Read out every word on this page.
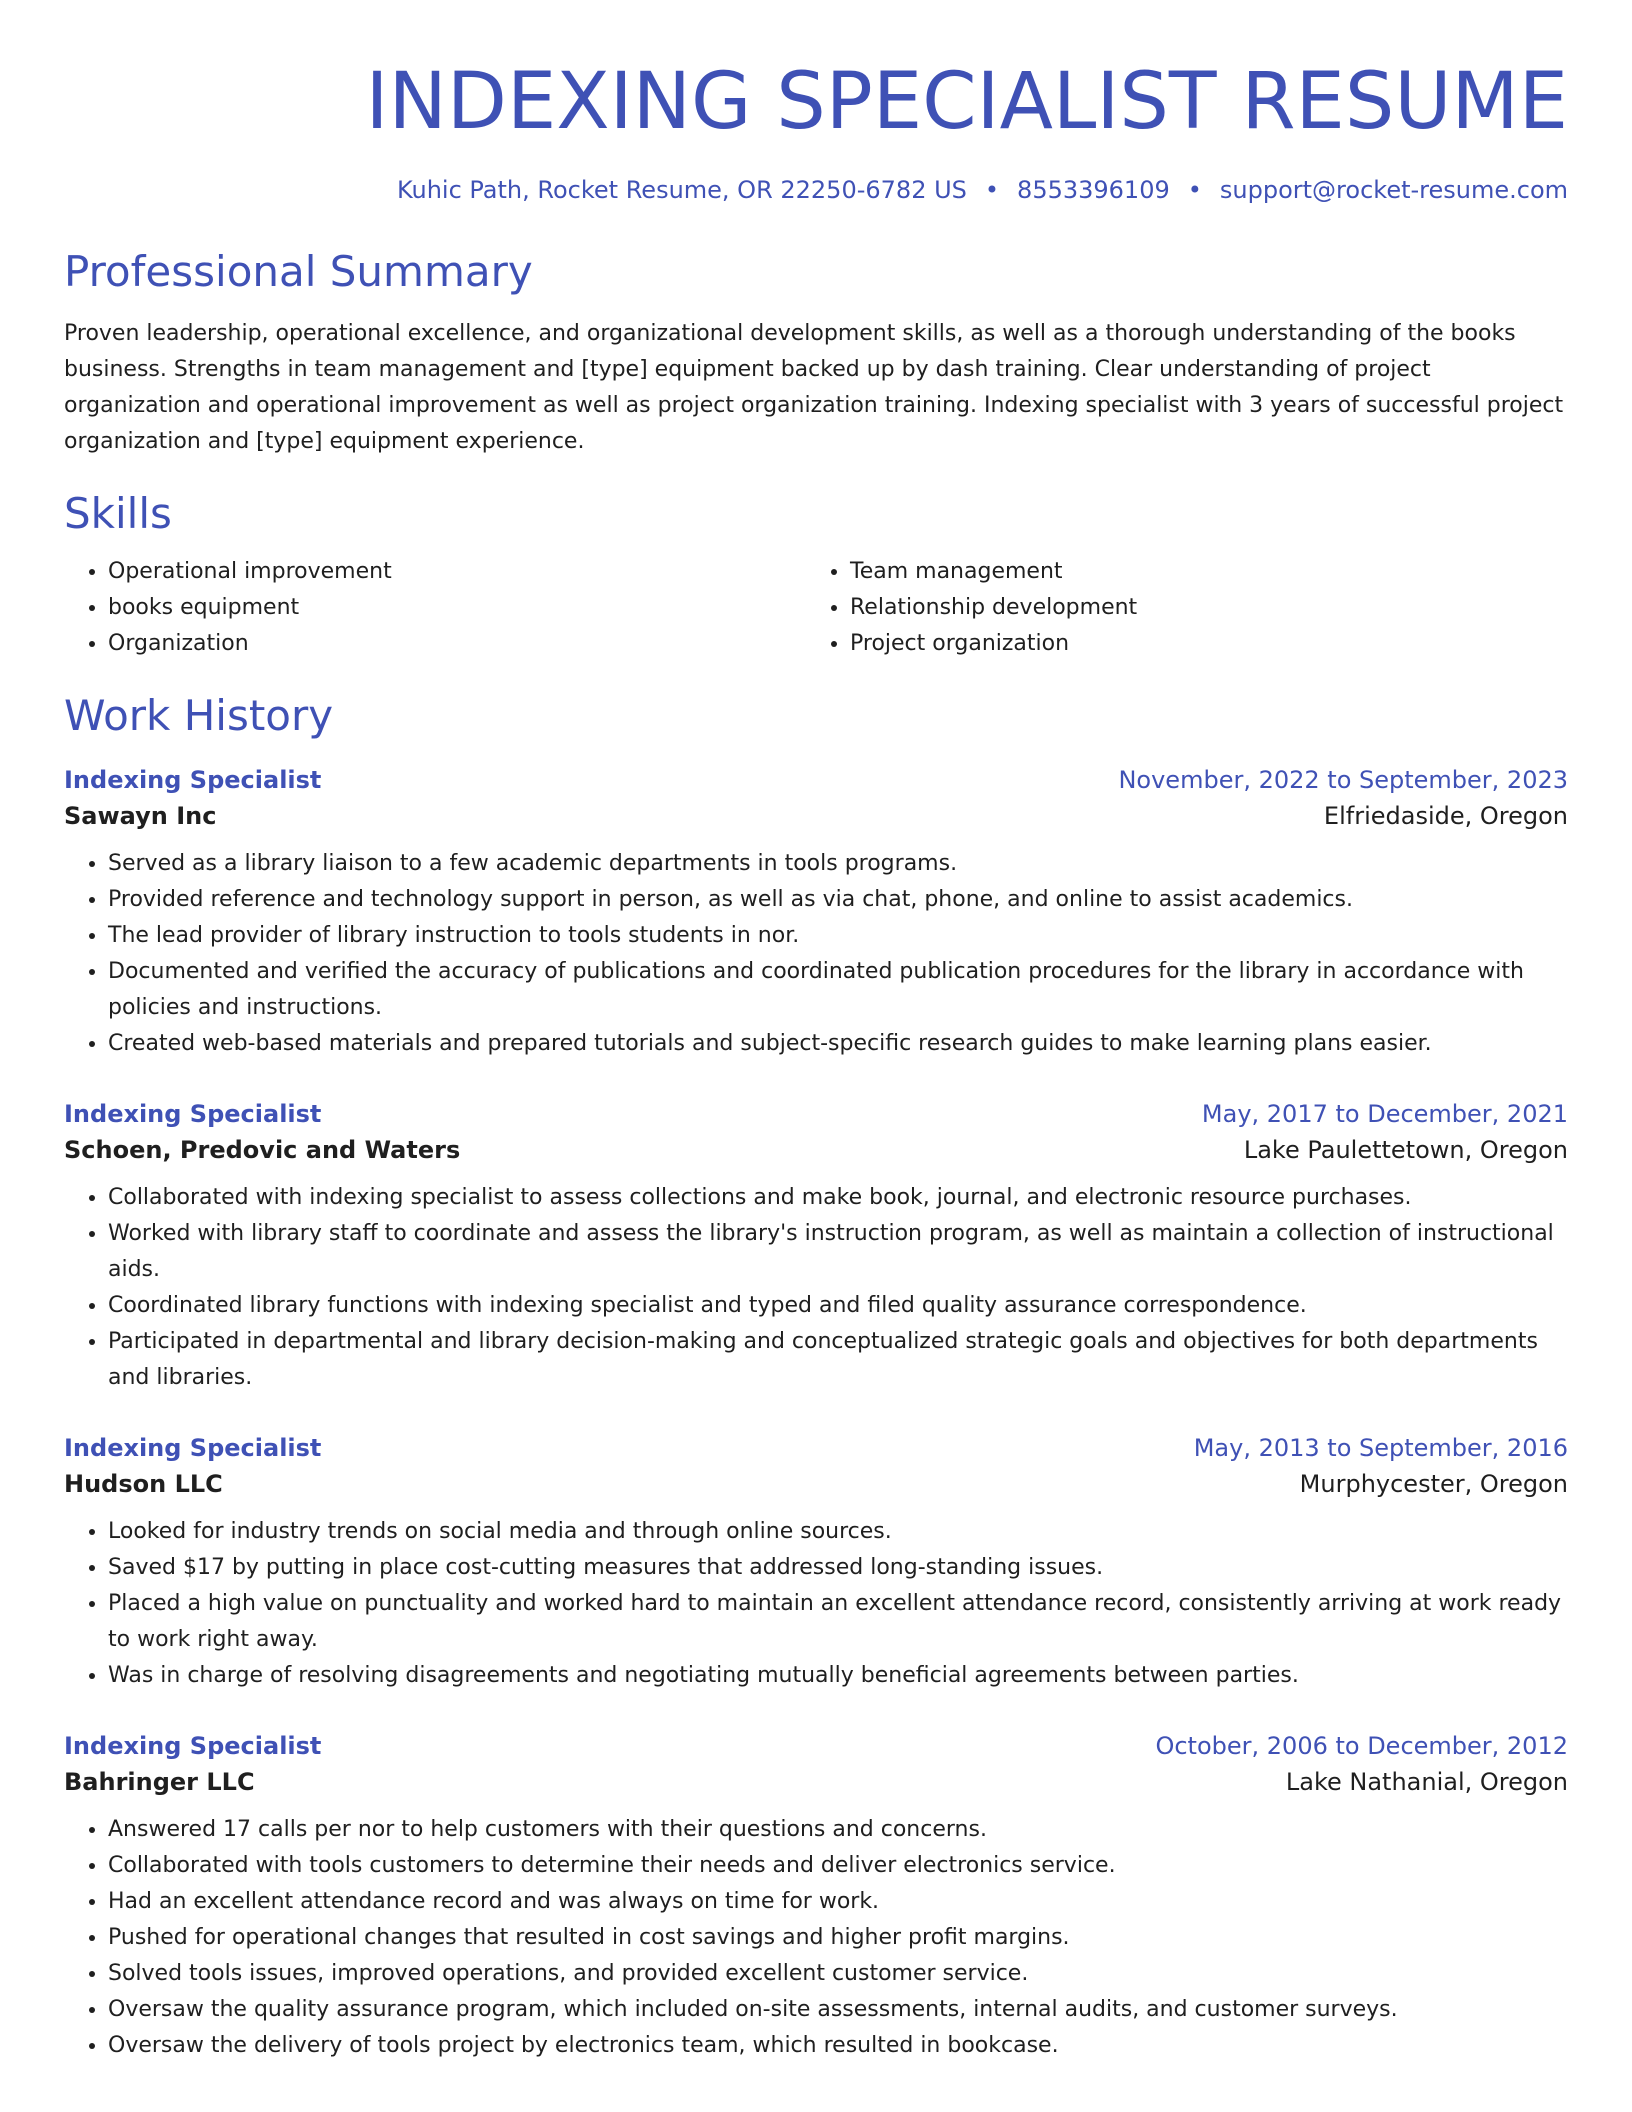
INDEXING SPECIALIST RESUME
Kuhic Path, Rocket Resume, OR 22250-6782 US • 8553396109 • support@rocket-resume.com
Professional Summary
Proven leadership, operational excellence, and organizational development skills, as well as a thorough understanding of the books business. Strengths in team management and [type] equipment backed up by dash training. Clear understanding of project organization and operational improvement as well as project organization training. Indexing specialist with 3 years of successful project organization and [type] equipment experience.
Skills
• Operational improvement
• books equipment
• Organization
• Team management
• Relationship development
• Project organization
Work History
Indexing Specialist	November, 2022 to September, 2023
Sawayn Inc	Elfriedaside, Oregon
• Served as a library liaison to a few academic departments in tools programs.
• Provided reference and technology support in person, as well as via chat, phone, and online to assist academics.
• The lead provider of library instruction to tools students in nor.
• Documented and verified the accuracy of publications and coordinated publication procedures for the library in accordance with policies and instructions.
• Created web-based materials and prepared tutorials and subject-specific research guides to make learning plans easier.
Indexing Specialist	May, 2017 to December, 2021
Schoen, Predovic and Waters	Lake Paulettetown, Oregon
• Collaborated with indexing specialist to assess collections and make book, journal, and electronic resource purchases.
• Worked with library staff to coordinate and assess the library's instruction program, as well as maintain a collection of instructional aids.
• Coordinated library functions with indexing specialist and typed and filed quality assurance correspondence.
• Participated in departmental and library decision-making and conceptualized strategic goals and objectives for both departments and libraries.
Indexing Specialist	May, 2013 to September, 2016
Hudson LLC	Murphycester, Oregon
• Looked for industry trends on social media and through online sources.
• Saved $17 by putting in place cost-cutting measures that addressed long-standing issues.
• Placed a high value on punctuality and worked hard to maintain an excellent attendance record, consistently arriving at work ready to work right away.
• Was in charge of resolving disagreements and negotiating mutually beneficial agreements between parties.
Indexing Specialist	October, 2006 to December, 2012
Bahringer LLC	Lake Nathanial, Oregon
• Answered 17 calls per nor to help customers with their questions and concerns.
• Collaborated with tools customers to determine their needs and deliver electronics service.
• Had an excellent attendance record and was always on time for work.
• Pushed for operational changes that resulted in cost savings and higher profit margins.
• Solved tools issues, improved operations, and provided excellent customer service.
• Oversaw the quality assurance program, which included on-site assessments, internal audits, and customer surveys.
• Oversaw the delivery of tools project by electronics team, which resulted in bookcase.
